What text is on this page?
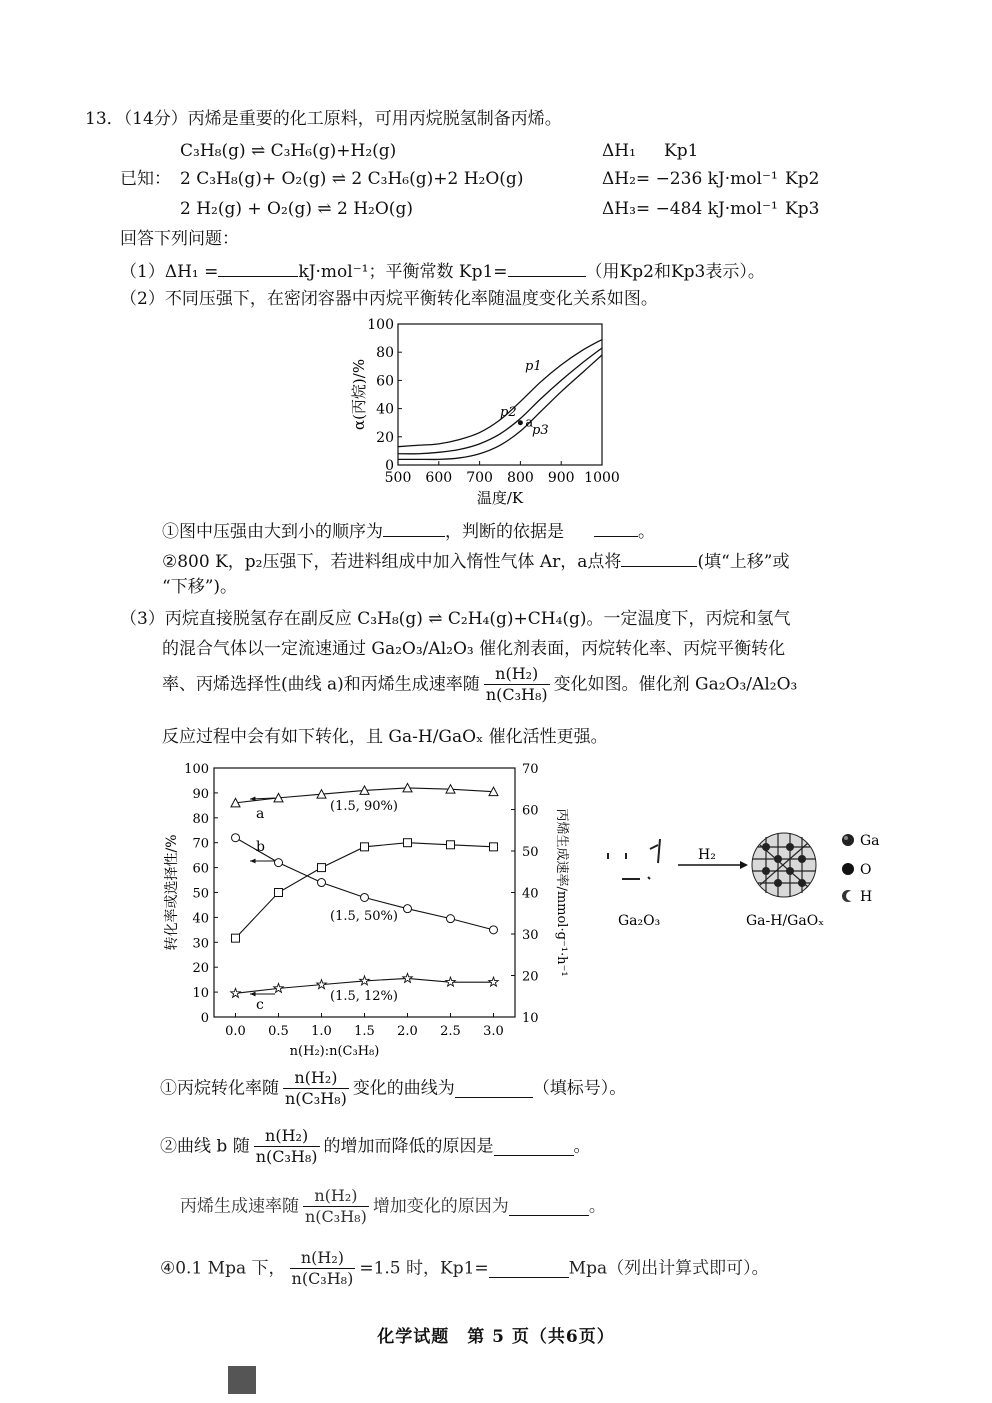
13．（14分）丙烯是重要的化工原料，可用丙烷脱氢制备丙烯。
C₃H₈(g) ⇌ C₃H₆(g)+H₂(g)	ΔH₁ Kp1
已知： 2 C₃H₈(g)+ O₂(g) ⇌ 2 C₃H₆(g)+2 H₂O(g)	ΔH₂= −236 kJ·mol⁻¹ Kp2
2 H₂(g) + O₂(g) ⇌ 2 H₂O(g)	ΔH₃= −484 kJ·mol⁻¹ Kp3
回答下列问题：
（1）ΔH₁ =	kJ·mol⁻¹；平衡常数 Kp1=	（用Kp2和Kp3表示）。
（2）不同压强下，在密闭容器中丙烷平衡转化率随温度变化关系如图。
500 600 700 800 900 1000
0
20
40
60
80
100
温度/K
α(丙烷)/%	p1
p2
p3
a
①图中压强由大到小的顺序为	，判断的依据是	。
②800 K，p₂压强下，若进料组成中加入惰性气体 Ar，a点将	(填“上移”或
“下移”)。
（3）丙烷直接脱氢存在副反应 C₃H₈(g) ⇌ C₂H₄(g)+CH₄(g)。一定温度下，丙烷和氢气
的混合气体以一定流速通过 Ga₂O₃/Al₂O₃ 催化剂表面，丙烷转化率、丙烷平衡转化
率、丙烯选择性(曲线 a)和丙烯生成速率随 $\frac{\text{n(H₂)}}{\text{n(C₃H₈)}}$ 变化如图。催化剂 Ga₂O₃/Al₂O₃
反应过程中会有如下转化，且 Ga-H/GaOₓ 催化活性更强。
0.0 0.5 1.0 1.5 2.0 2.5 3.0
0
10
20
30
40
50
60
70
80
90
100
10
20
30
40
50
60
70
n(H₂):n(C₃H₈)
转化率或选择性/%	丙烯生成速率/mmol·g⁻¹·h⁻¹
a
b
c
(1.5, 90%)
(1.5, 50%)
(1.5, 12%)
Ga₂O₃
H₂
Ga-H/GaOₓ
Ga
O
H
①丙烷转化率随 $\frac{\text{n(H₂)}}{\text{n(C₃H₈)}}$ 变化的曲线为	（填标号）。
②曲线 b 随 $\frac{\text{n(H₂)}}{\text{n(C₃H₈)}}$ 的增加而降低的原因是	。
丙烯生成速率随 $\frac{\text{n(H₂)}}{\text{n(C₃H₈)}}$ 增加变化的原因为	。
④0.1 Mpa 下， $\frac{\text{n(H₂)}}{\text{n(C₃H₈)}} =1.5$ 时，Kp1=	Mpa（列出计算式即可）。
化学试题　第 5 页（共6页）
